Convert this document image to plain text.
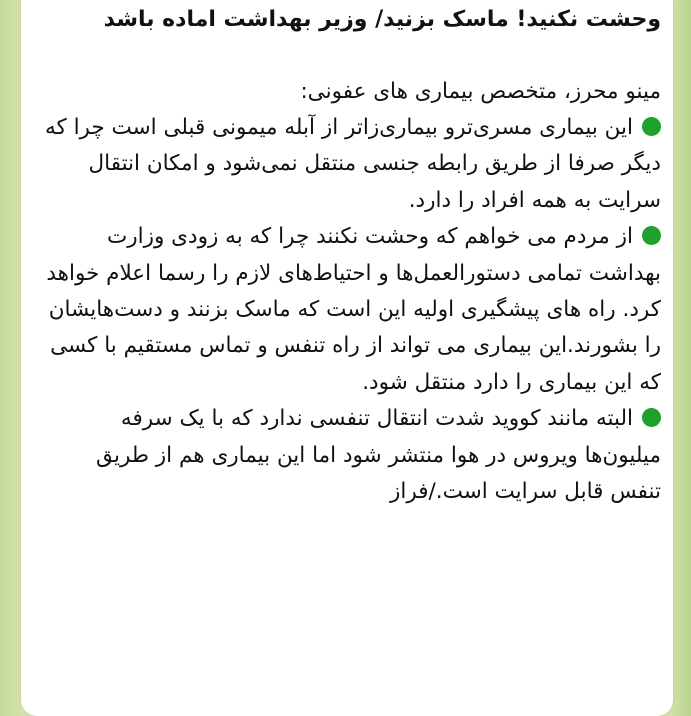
وحشت نکنید! ماسک بزنید/ وزیر بهداشت اماده باشد

مینو محرز، متخصص بیماری های عفونی:

این بیماری مسری‌ترو بیماری‌زاتر از آبله میمونی قبلی است چرا که دیگر صرفا از طریق رابطه جنسی منتقل نمی‌شود و امکان انتقال سرایت به همه افراد را دارد.

از مردم می خواهم که وحشت نکنند چرا که به زودی وزارت بهداشت تمامی دستورالعمل‌ها و احتیاط‌های لازم را رسما اعلام خواهد کرد. راه های پیشگیری اولیه این است که ماسک بزنند و دست‌هایشان را بشورند.این بیماری می تواند از راه تنفس و تماس مستقیم با کسی که این بیماری را دارد منتقل شود.

البته مانند کووید شدت انتقال تنفسی ندارد که با یک سرفه میلیون‌ها ویروس در هوا منتشر شود اما این بیماری هم از طریق تنفس قابل سرایت است./فراز
